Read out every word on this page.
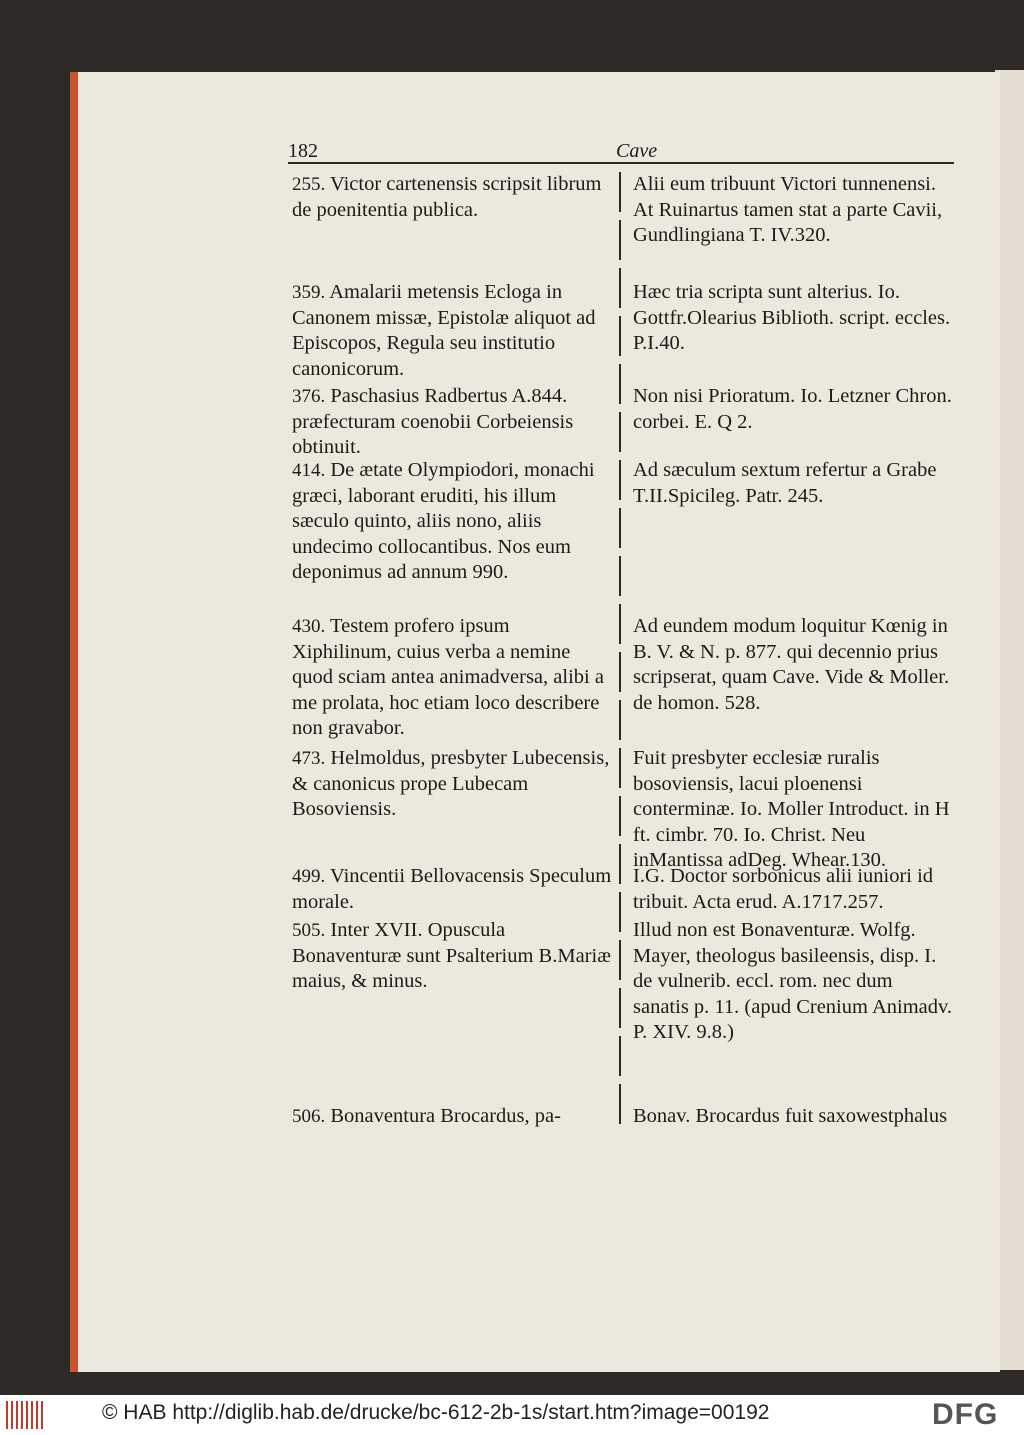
182	Cave
255. Victor cartenensis scripsit librum de poenitentia publica.
359. Amalarii metensis Ecloga in Canonem missæ, Epistolæ aliquot ad Episcopos, Regula seu institutio canonicorum.
376. Paschasius Radbertus A.844. præfecturam coenobii Corbeiensis obtinuit.
414. De ætate Olympiodori, monachi græci, laborant eruditi, his illum sæculo quinto, aliis nono, aliis undecimo collocantibus. Nos eum deponimus ad annum 990.
430. Testem profero ipsum Xiphilinum, cuius verba a nemine quod sciam antea animadversa, alibi a me prolata, hoc etiam loco describere non gravabor.
473. Helmoldus, presbyter Lubecensis, & canonicus prope Lubecam Bosoviensis.
499. Vincentii Bellovacensis Speculum morale.
505. Inter XVII. Opuscula Bonaventuræ sunt Psalterium B.Mariæ maius, & minus.
506. Bonaventura Brocardus, pa-
Alii eum tribuunt Victori tunnenensi. At Ruinartus tamen stat a parte Cavii, Gundlingiana T. IV.320.
Hæc tria scripta sunt alterius. Io. Gottfr.Olearius Biblioth. script. eccles. P.I.40.
Non nisi Prioratum. Io. Letzner Chron. corbei. E. Q 2.
Ad sæculum sextum refertur a Grabe T.II.Spicileg. Patr. 245.
Ad eundem modum loquitur Kœnig in B. V. & N. p. 877. qui decennio prius scripserat, quam Cave. Vide & Moller. de homon. 528.
Fuit presbyter ecclesiæ ruralis bosoviensis, lacui ploenensi conterminæ. Io. Moller Introduct. in H ft. cimbr. 70. Io. Christ. Neu inMantissa adDeg. Whear.130.
I.G. Doctor sorbonicus alii iuniori id tribuit. Acta erud. A.1717.257.
Illud non est Bonaventuræ. Wolfg. Mayer, theologus basileensis, disp. I. de vulnerib. eccl. rom. nec dum sanatis p. 11. (apud Crenium Animadv. P. XIV. 9.8.)
Bonav. Brocardus fuit saxowestphalus
© HAB http://diglib.hab.de/drucke/bc-612-2b-1s/start.htm?image=00192	DFG
